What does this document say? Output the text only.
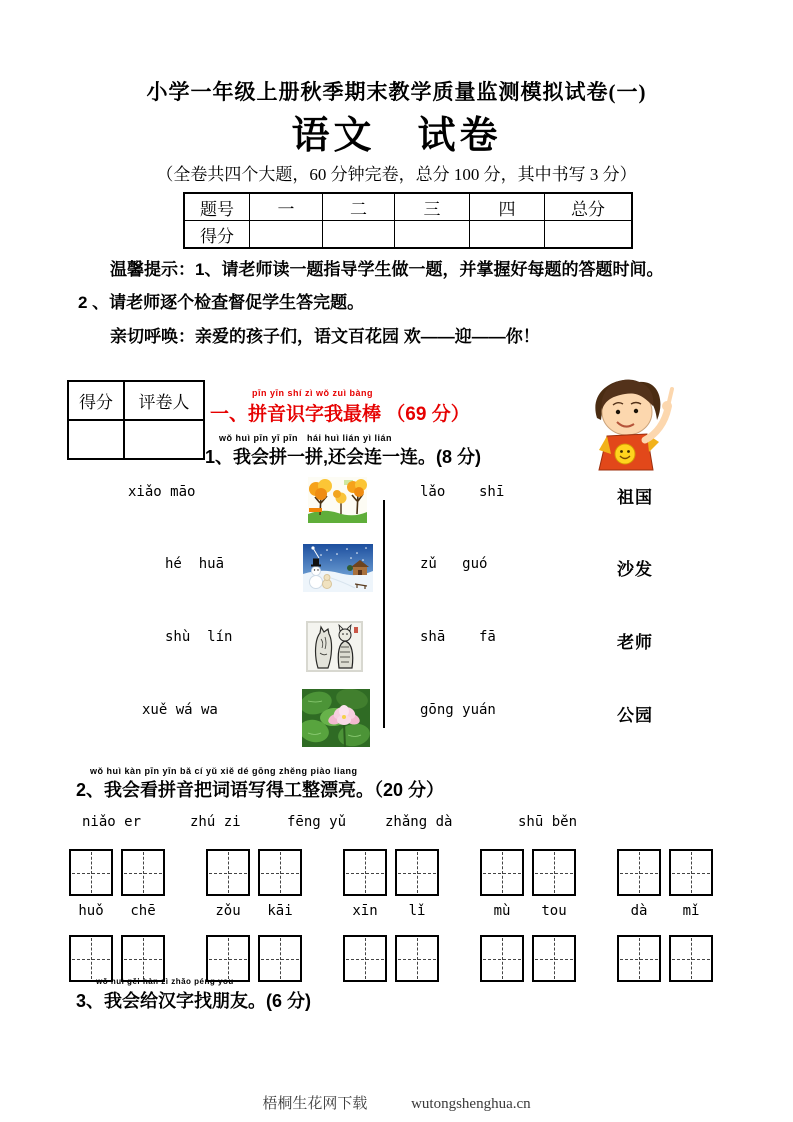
小学一年级上册秋季期末教学质量监测模拟试卷(一)
语文　试卷
（全卷共四个大题，60 分钟完卷，总分 100 分，其中书写 3 分）
题号	一	二	三	四	总分
得分					
温馨提示：1、请老师读一题指导学生做一题，并掌握好每题的答题时间。
2 、请老师逐个检查督促学生答完题。
亲切呼唤：亲爱的孩子们，语文百花园 欢——迎——你！
得分	评卷人
		pīn yīn shí zì wǒ zuì bàng
一、拼音识字我最棒 （69 分）
wǒ huì pīn yī pīn   hái huì lián yì lián
1、我会拼一拼,还会连一连。(8 分)
xiǎo māo
hé  huā
shù  lín
xuě wá wa
lǎo    shī
zǔ   guó
shā    fā
gōng yuán
祖国
沙发
老师
公园
wǒ huì kàn pīn yīn bǎ cí yǔ xiě dé gōng zhěng piào liang
2、我会看拼音把词语写得工整漂亮。（20 分）
niǎo er	zhú zi	fēng yǔ	zhǎng dà	shū běn
huǒ	chē	zǒu	kāi	xīn	lǐ	mù	tou	dà	mǐ
wǒ huì gěi hàn zì zhǎo péng you
3、我会给汉字找朋友。(6 分)
梧桐生花网下载	wutongshenghua.cn
